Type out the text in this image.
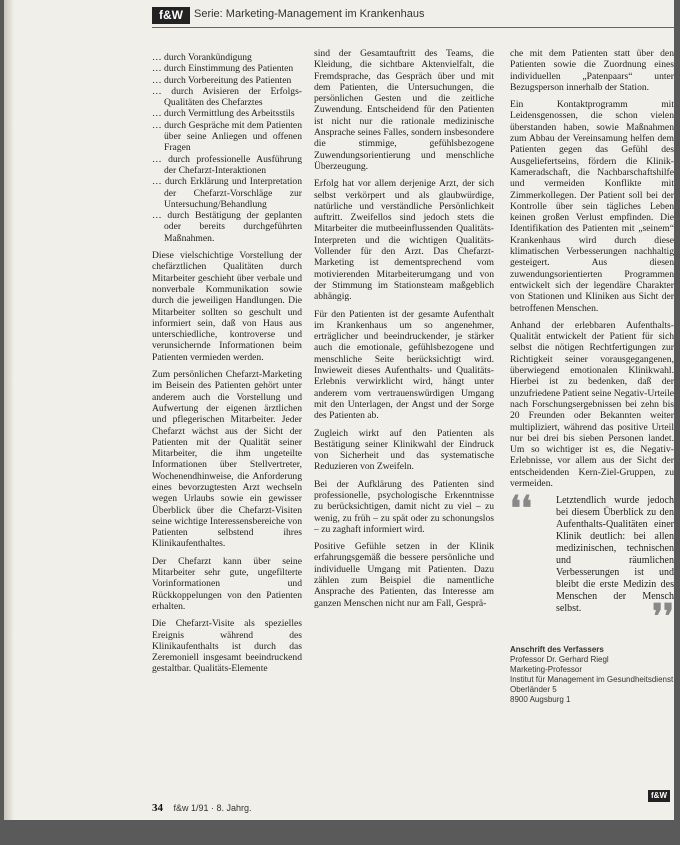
f&W	Serie: Marketing-Management im Krankenhaus
… durch Vorankündigung
… durch Einstimmung des Patienten
… durch Vorbereitung des Patienten
… durch Avisieren der Erfolgs-Qualitäten des Chefarztes
… durch Vermittlung des Arbeitsstils
… durch Gespräche mit dem Patienten über seine Anliegen und offenen Fragen
… durch professionelle Ausführung der Chefarzt-Interaktionen
… durch Erklärung und Interpretation der Chefarzt-Vorschläge zur Untersuchung/Behandlung
… durch Bestätigung der geplanten oder bereits durchgeführten Maßnahmen.

Diese vielschichtige Vorstellung der chefärztlichen Qualitäten durch Mitarbeiter geschieht über verbale und nonverbale Kommunikation sowie durch die jeweiligen Handlungen. Die Mitarbeiter sollten so geschult und informiert sein, daß von Haus aus unterschiedliche, kontroverse und verunsichernde Informationen beim Patienten vermieden werden.

Zum persönlichen Chefarzt-Marketing im Beisein des Patienten gehört unter anderem auch die Vorstellung und Aufwertung der eigenen ärztlichen und pflegerischen Mitarbeiter. Jeder Chefarzt wächst aus der Sicht der Patienten mit der Qualität seiner Mitarbeiter, die ihm ungeteilte Informationen über Stellvertreter, Wochenendhinweise, die Anforderung eines bevorzugtesten Arzt wechseln wegen Urlaubs sowie ein gewisser Überblick über die Chefarzt-Visiten seine wichtige Interessensbereiche von Patienten selbstend ihres Klinikaufenthaltes.

Der Chefarzt kann über seine Mitarbeiter sehr gute, ungefilterte Vorinformationen und Rückkoppelungen von den Patienten erhalten.

Die Chefarzt-Visite als spezielles Ereignis während des Klinikaufenthalts ist durch das Zeremoniell insgesamt beeindruckend gestaltbar. Qualitäts-Elemente

sind der Gesamtauftritt des Teams, die Kleidung, die sichtbare Aktenvielfalt, die Fremdsprache, das Gespräch über und mit dem Patienten, die Untersuchungen, die persönlichen Gesten und die zeitliche Zuwendung. Entscheidend für den Patienten ist nicht nur die rationale medizinische Ansprache seines Falles, sondern insbesondere die stimmige, gefühlsbezogene Zuwendungsorientierung und menschliche Überzeugung.

Erfolg hat vor allem derjenige Arzt, der sich selbst verkörpert und als glaubwürdige, natürliche und verständliche Persönlichkeit auftritt. Zweifellos sind jedoch stets die Mitarbeiter die mutbeeinflussenden Qualitäts-Interpreten und die wichtigen Qualitäts-Vollender für den Arzt. Das Chefarzt-Marketing ist dementsprechend vom motivierenden Mitarbeiterumgang und von der Stimmung im Stationsteam maßgeblich abhängig.

Für den Patienten ist der gesamte Aufenthalt im Krankenhaus um so angenehmer, erträglicher und beeindruckender, je stärker auch die emotionale, gefühlsbezogene und menschliche Seite berücksichtigt wird. Inwieweit dieses Aufenthalts- und Qualitäts-Erlebnis verwirklicht wird, hängt unter anderem vom vertrauenswürdigen Umgang mit den Unterlagen, der Angst und der Sorge des Patienten ab.

Zugleich wirkt auf den Patienten als Bestätigung seiner Klinikwahl der Eindruck von Sicherheit und das systematische Reduzieren von Zweifeln.

Bei der Aufklärung des Patienten sind professionelle, psychologische Erkenntnisse zu berücksichtigen, damit nicht zu viel – zu wenig, zu früh – zu spät oder zu schonungslos – zu zaghaft informiert wird.

Positive Gefühle setzen in der Klinik erfahrungsgemäß die bessere persönliche und individuelle Umgang mit Patienten. Dazu zählen zum Beispiel die namentliche Ansprache des Patienten, das Interesse am ganzen Menschen nicht nur am Fall, Gesprä-

che mit dem Patienten statt über den Patienten sowie die Zuordnung eines individuellen „Patenpaars“ unter Bezugsperson innerhalb der Station.

Ein Kontaktprogramm mit Leidensgenossen, die schon vielen überstanden haben, sowie Maßnahmen zum Abbau der Vereinsamung helfen dem Patienten gegen das Gefühl des Ausgeliefertseins, fördern die Klinik-Kameradschaft, die Nachbarschaftshilfe und vermeiden Konflikte mit Zimmerkollegen. Der Patient soll bei der Kontrolle über sein tägliches Leben keinen großen Verlust empfinden. Die Identifikation des Patienten mit „seinem“ Krankenhaus wird durch diese klimatischen Verbesserungen nachhaltig gesteigert. Aus diesen zuwendungsorientierten Programmen entwickelt sich der legendäre Charakter von Stationen und Kliniken aus Sicht der betroffenen Menschen.

Anhand der erlebbaren Aufenthalts-Qualität entwickelt der Patient für sich selbst die nötigen Rechtfertigungen zur Richtigkeit seiner vorausgegangenen, überwiegend emotionalen Klinikwahl. Hierbei ist zu bedenken, daß der unzufriedene Patient seine Negativ-Urteile nach Forschungsergebnissen bei zehn bis 20 Freunden oder Bekannten weiter multipliziert, während das positive Urteil nur bei drei bis sieben Personen landet. Um so wichtiger ist es, die Negativ-Erlebnisse, vor allem aus der Sicht der entscheidenden Kern-Ziel-Gruppen, zu vermeiden.

❛❛ Letztendlich wurde jedoch bei diesem Überblick zu den Aufenthalts-Qualitäten einer Klinik deutlich: bei allen medizinischen, technischen und räumlichen Verbesserungen ist und bleibt die erste Medizin des Menschen der Mensch selbst.	❜❜
Anschrift des Verfassers
Professor Dr. Gerhard Riegl
Marketing-Professor
Institut für Management im Gesundheitsdienst
Oberländer 5
8900 Augsburg 1
f&W
34 f&w 1/91 · 8. Jahrg.
